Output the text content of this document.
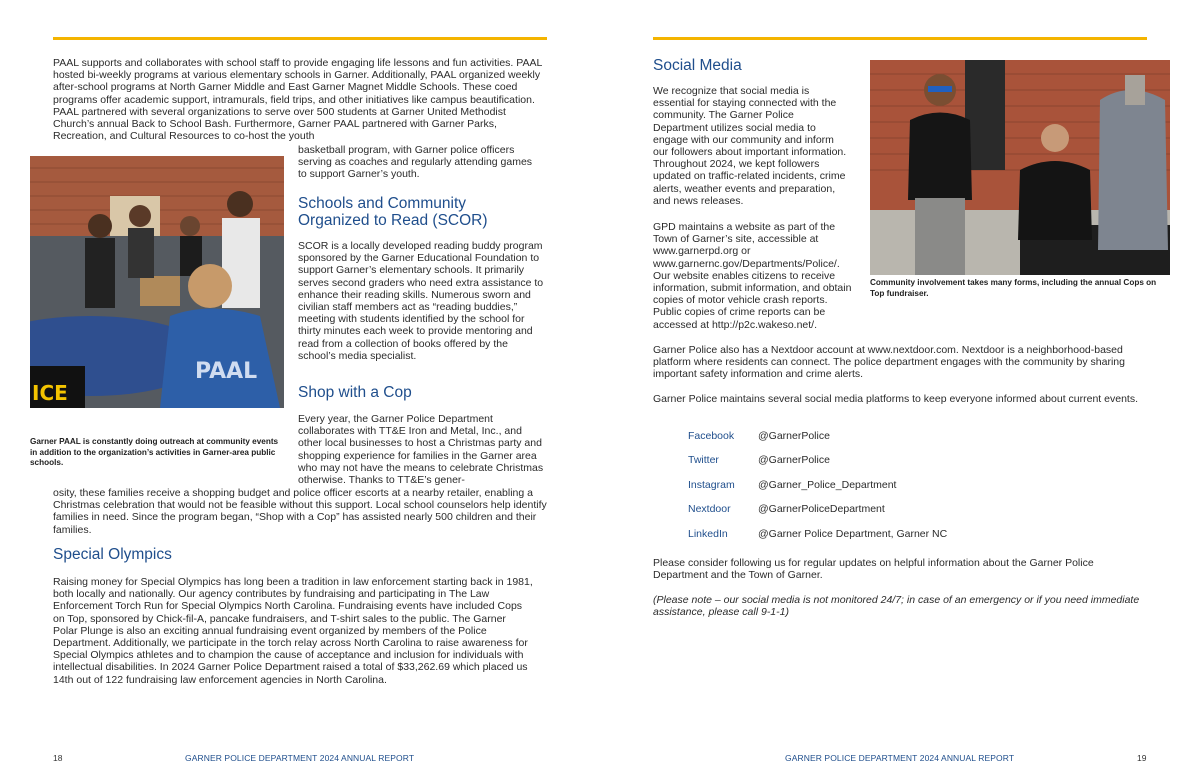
PAAL supports and collaborates with school staff to provide engaging life lessons and fun activities. PAAL hosted bi-weekly programs at various elementary schools in Garner. Additionally, PAAL organized weekly after-school programs at North Garner Middle and East Garner Magnet Middle Schools. These coed programs offer academic support, intramurals, field trips, and other initiatives like campus beautification. PAAL partnered with several organizations to serve over 500 students at Garner United Methodist Church’s annual Back to School Bash. Furthermore, Garner PAAL partnered with Garner Parks, Recreation, and Cultural Resources to co-host the youth

PAAL
ICE

Garner PAAL is constantly doing outreach at community events in addition to the organization’s activities in Garner-area public schools.

basketball program, with Garner police officers serving as coaches and regularly attending games to support Garner’s youth.

Schools and Community Organized to Read (SCOR)

SCOR is a locally developed reading buddy program sponsored by the Garner Educational Foundation to support Garner’s elementary schools. It primarily serves second graders who need extra assistance to enhance their reading skills. Numerous sworn and civilian staff members act as “reading buddies,” meeting with students identified by the school for thirty minutes each week to provide mentoring and read from a collection of books offered by the school’s media specialist.

Shop with a Cop

Every year, the Garner Police Department collaborates with TT&E Iron and Metal, Inc., and other local businesses to host a Christmas party and shopping experience for families in the Garner area who may not have the means to celebrate Christmas otherwise. Thanks to TT&E’s gener-

osity, these families receive a shopping budget and police officer escorts at a nearby retailer, enabling a Christmas celebration that would not be feasible without this support. Local school counselors help identify families in need. Since the program began, “Shop with a Cop” has assisted nearly 500 children and their families.

Special Olympics

Raising money for Special Olympics has long been a tradition in law enforcement starting back in 1981, both locally and nationally. Our agency contributes by fundraising and participating in The Law Enforcement Torch Run for Special Olympics North Carolina. Fundraising events have included Cops on Top, sponsored by Chick-fil-A, pancake fundraisers, and T-shirt sales to the public. The Garner Polar Plunge is also an exciting annual fundraising event organized by members of the Police Department. Additionally, we participate in the torch relay across North Carolina to raise awareness for Special Olympics athletes and to champion the cause of acceptance and inclusion for individuals with intellectual disabilities. In 2024 Garner Police Department raised a total of $33,262.69 which placed us 14th out of 122 fundraising law enforcement agencies in North Carolina.

18	GARNER POLICE DEPARTMENT 2024 ANNUAL REPORT
Social Media

We recognize that social media is essential for staying connected with the community. The Garner Police Department utilizes social media to engage with our community and inform our followers about important information. Throughout 2024, we kept followers updated on traffic-related incidents, crime alerts, weather events and preparation, and news releases.

GPD maintains a website as part of the Town of Garner’s site, accessible at www.garnerpd.org or www.garnernc.gov/Departments/Police/. Our website enables citizens to receive information, submit information, and obtain copies of motor vehicle crash reports. Public copies of crime reports can be accessed at http://p2c.wakeso.net/.

Community involvement takes many forms, including the annual Cops on Top fundraiser.

Garner Police also has a Nextdoor account at www.nextdoor.com. Nextdoor is a neighborhood-based platform where residents can connect. The police department engages with the community by sharing important safety information and crime alerts.

Garner Police maintains several social media platforms to keep everyone informed about current events.

Facebook @GarnerPolice
Twitter	@GarnerPolice
Instagram @Garner_Police_Department
Nextdoor	@GarnerPoliceDepartment
LinkedIn	@Garner Police Department, Garner NC

Please consider following us for regular updates on helpful information about the Garner Police Department and the Town of Garner.

(Please note – our social media is not monitored 24/7; in case of an emergency or if you need immediate assistance, please call 9-1-1)

GARNER POLICE DEPARTMENT 2024 ANNUAL REPORT	19
